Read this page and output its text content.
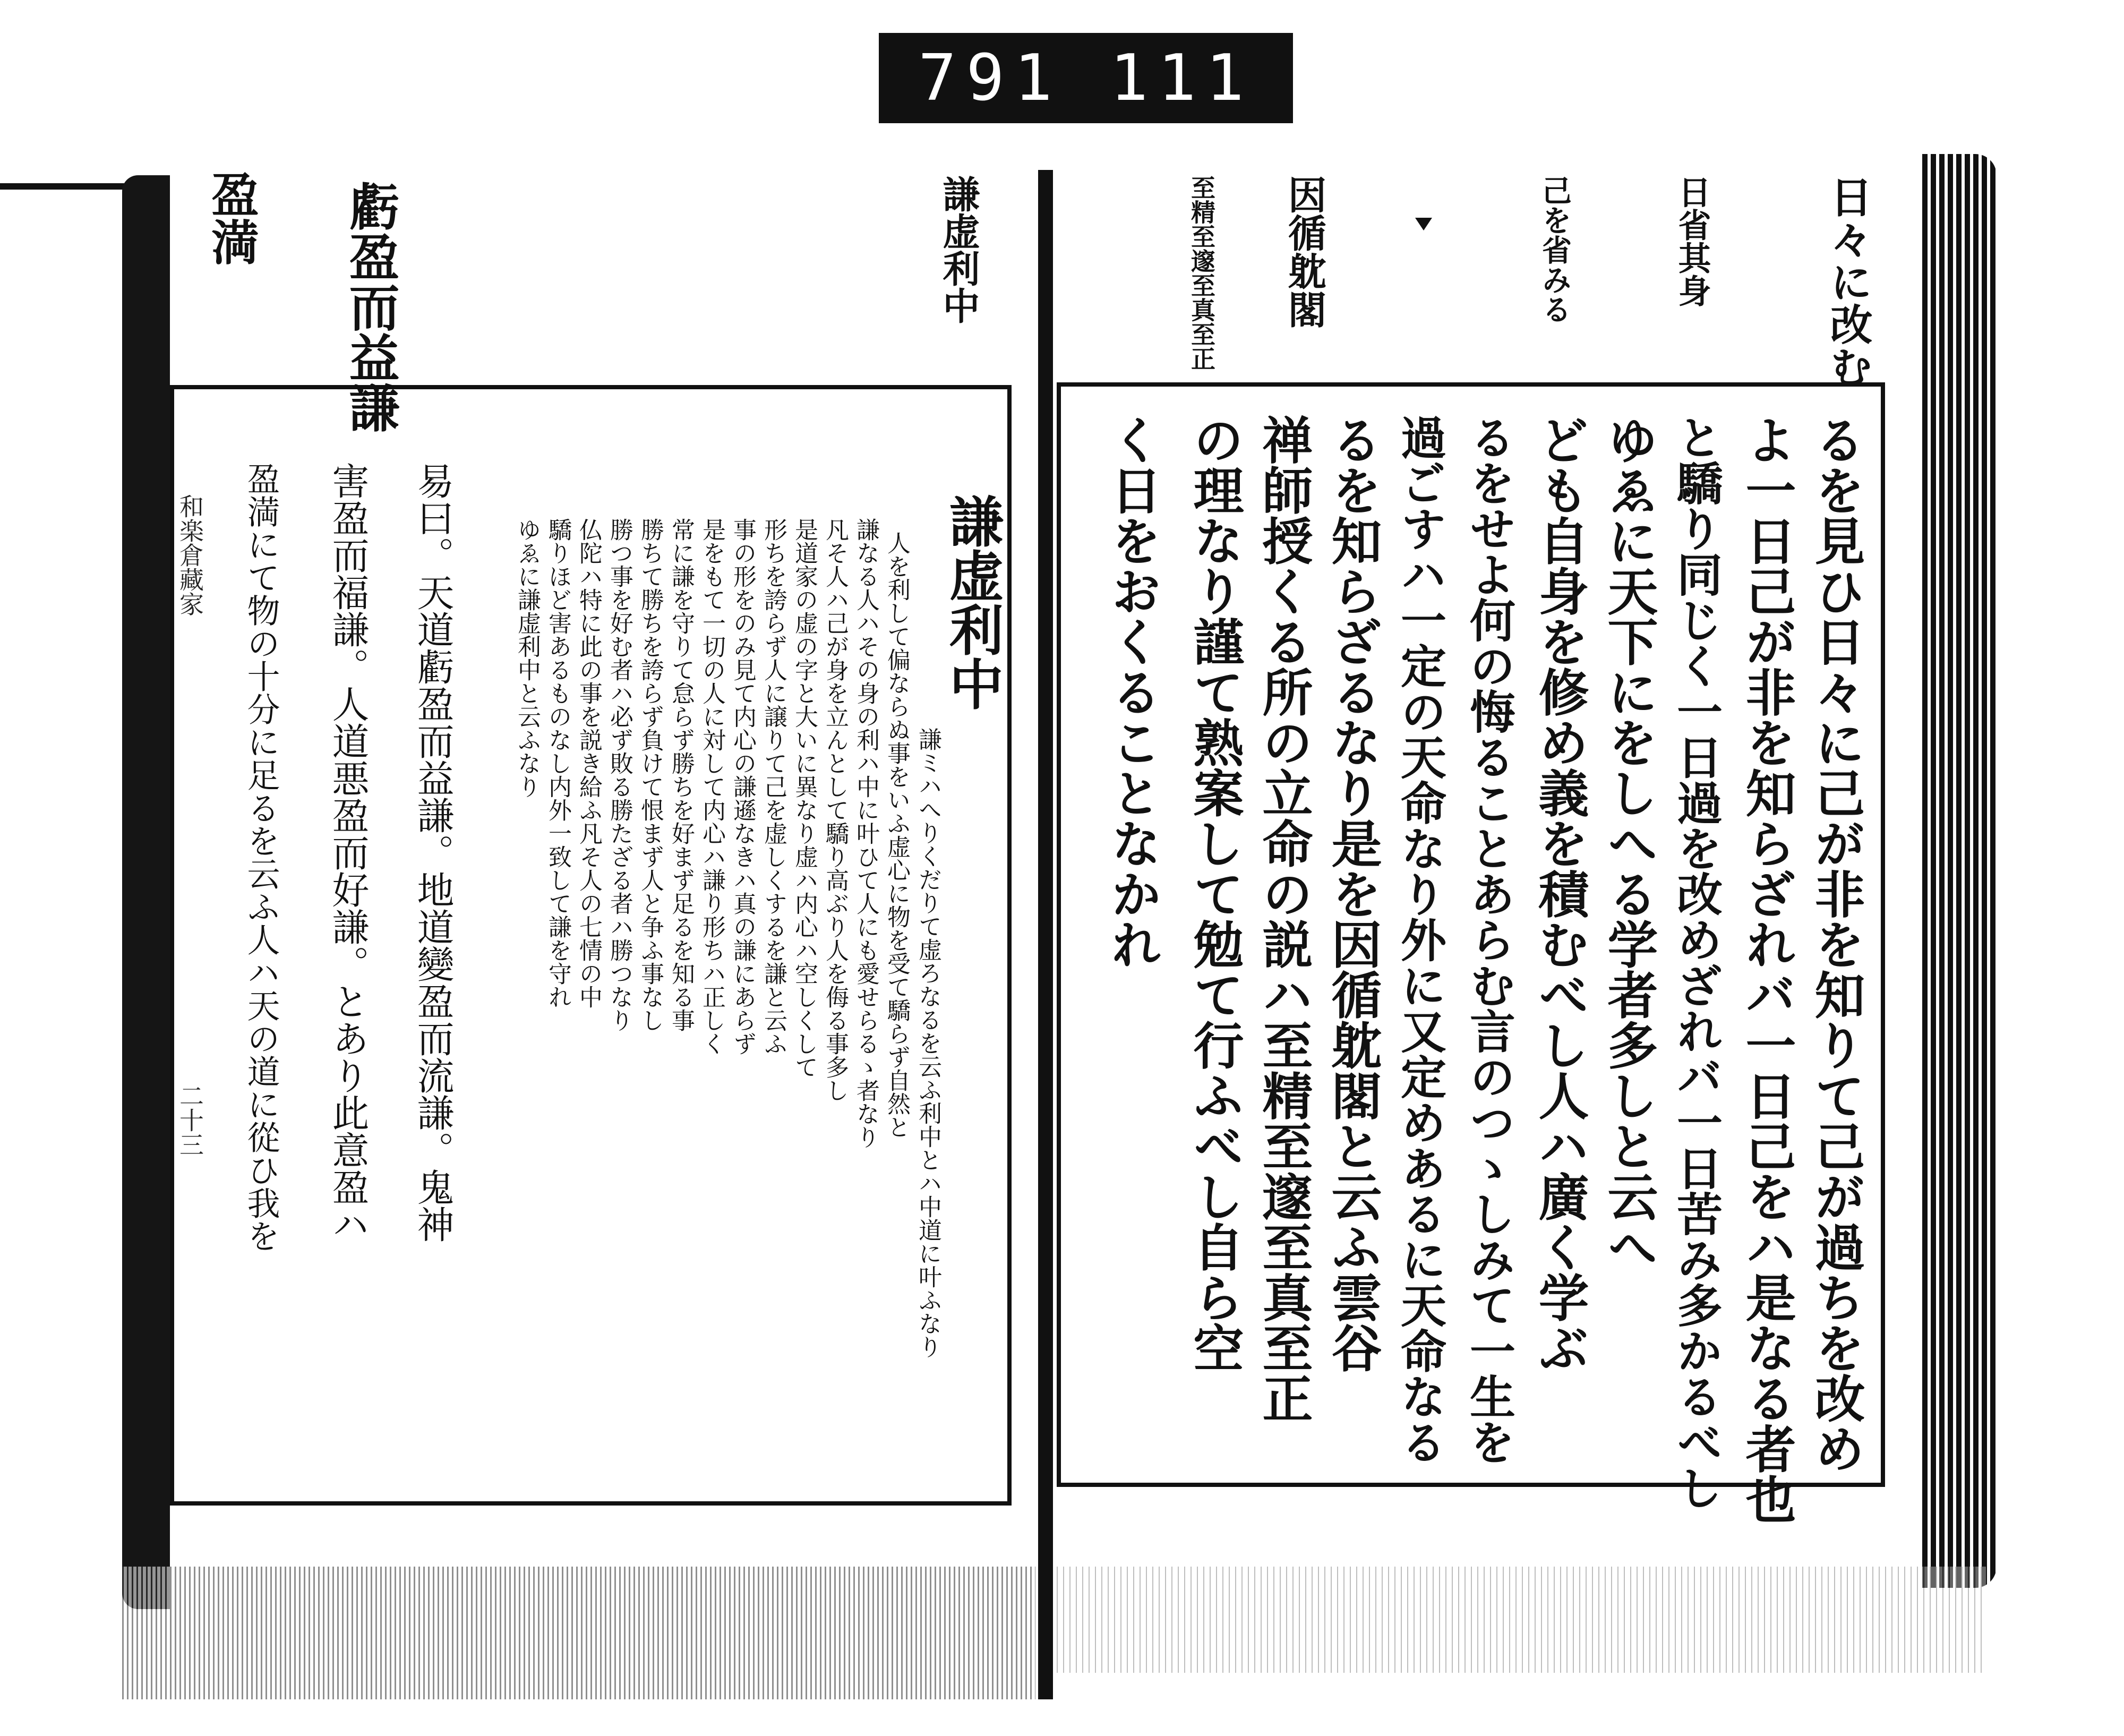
791 111
謙虚利中
虧盈而益謙
盈満
和楽倉藏家
二十三
謙虚利中
謙ミハへりくだりて虚ろなるを云ふ利中とハ中道に叶ふなり
人を利して偏ならぬ事をいふ虚心に物を受て驕らず自然と
謙なる人ハその身の利ハ中に叶ひて人にも愛せらるゝ者なり
凡そ人ハ己が身を立んとして驕り高ぶり人を侮る事多し
是道家の虚の字と大いに異なり虚ハ内心ハ空しくして
形ちを誇らず人に譲りて己を虚しくするを謙と云ふ
事の形をのみ見て内心の謙遜なきハ真の謙にあらず
是をもて一切の人に対して内心ハ謙り形ちハ正しく
常に謙を守りて怠らず勝ちを好まず足るを知る事
勝ちて勝ちを誇らず負けて恨まず人と争ふ事なし
勝つ事を好む者ハ必ず敗る勝たざる者ハ勝つなり
仏陀ハ特に此の事を説き給ふ凡そ人の七情の中
驕りほど害あるものなし内外一致して謙を守れ
ゆゑに謙虚利中と云ふなり
易曰。天道虧盈而益謙。地道變盈而流謙。鬼神
害盈而福謙。人道悪盈而好謙。とあり此意盈ハ
盈満にて物の十分に足るを云ふ人ハ天の道に從ひ我を
日々に改む
日省其身
己を省みる
因循躭閣
至精至邃至真至正
るを見ひ日々に己が非を知りて己が過ちを改め
よ一日己が非を知らざれバ一日己をハ是なる者也
と驕り同じく一日過を改めざれバ一日苦み多かるべし
ゆゑに天下にをしへる学者多しと云へ
ども自身を修め義を積むべし人ハ廣く学ぶ
るをせよ何の悔ることあらむ言のつゝしみて一生を
過ごすハ一定の天命なり外に又定めあるに天命なる
るを知らざるなり是を因循躭閣と云ふ雲谷
禅師授くる所の立命の説ハ至精至邃至真至正
の理なり謹て熟案して勉て行ふべし自ら空
く日をおくることなかれ
